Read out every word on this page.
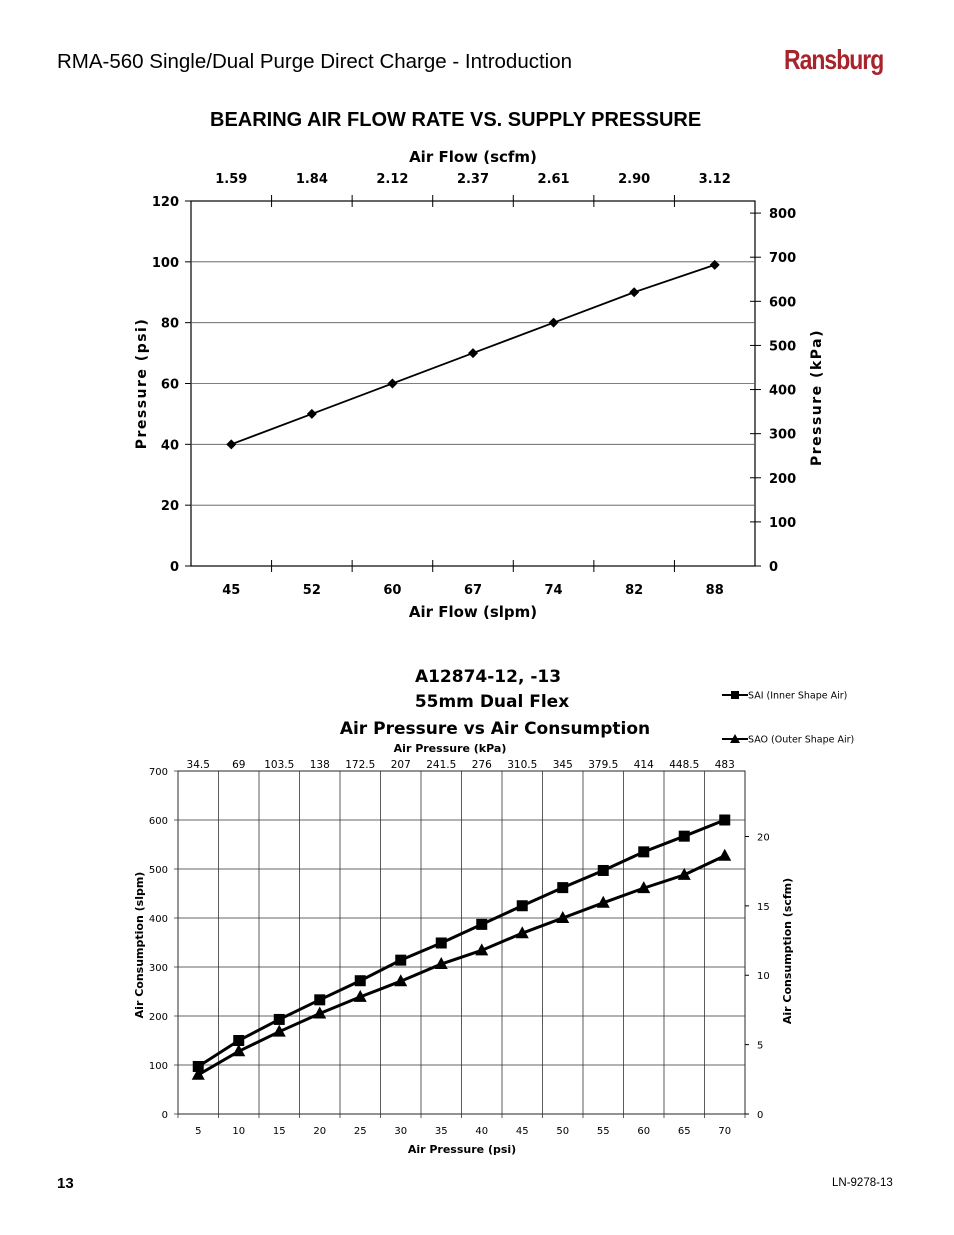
RMA-560 Single/Dual Purge Direct Charge - Introduction	Ransburg
BEARING AIR FLOW RATE VS. SUPPLY PRESSURE
0
20
40
60
80
100
120
0
100
200
300
400
500
600
700
800
45	52	60	67	74	82	88
1.59	1.84	2.12	2.37	2.61	2.90	3.12
Air Flow (slpm)
Air Flow (scfm)
Pressure (psi)	Pressure (kPa)
A12874-12, -13
55mm Dual Flex
Air Pressure vs Air Consumption
Air Pressure (kPa)
0
100
200
300
400
500
600
700
5
34.5
10
69
15
103.5
20
138
25
172.5
30
207
35
241.5
40
276
45
310.5
50
345
55
379.5
60
414
65
448.5
70
483
0
5
10
15
20
Air Pressure (psi)
Air Consumption (slpm)	Air Consumption (scfm)
SAI (Inner Shape Air)
SAO (Outer Shape Air)
13	LN-9278-13
